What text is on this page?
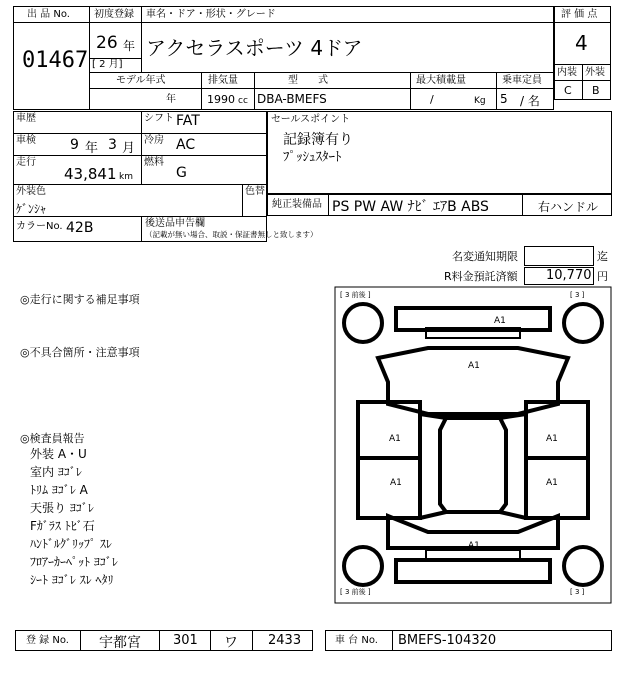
出 品 No.
01467
初度登録
26 年
[ 2 月]
車名・ドア・形状・グレード
アクセラスポーツ 4ドア
モデル年式
年
排気量
1990 cc
型　　式
DBA-BMEFS
最大積載量
/	Kg
乗車定員
5 / 名
評 価 点
4
内装 外装
C B
車歴	シフト FAT
車検 9 年 3 月
冷房 AC
走行
43,841 km
燃料
G
外装色
ｹﾞﾝｼｬ
色替
カラーNo. 42B	後送品申告欄
（記載が無い場合、取説・保証書無しと致します）
セールスポイント
記録簿有り
ﾌﾟｯｼｭｽﾀｰﾄ
純正装備品 PS PW AW ﾅﾋﾞ ｴｱB ABS	右ハンドル
名変通知期限	迄
R料金預託済額 10,770 円
◎走行に関する補足事項
◎不具合箇所・注意事項
◎検査員報告
外装 A・U
室内 ﾖｺﾞﾚ
ﾄﾘﾑ ﾖｺﾞﾚ A
天張り ﾖｺﾞﾚ
Fｶﾞﾗｽ ﾄﾋﾞ石
ﾊﾝﾄﾞﾙｸﾞﾘｯﾌﾟ ｽﾚ
ﾌﾛｱｰｶｰﾍﾟｯﾄ ﾖｺﾞﾚ
ｼｰﾄ ﾖｺﾞﾚ ｽﾚ ﾍﾀﾘ
[ 3 前後 ]	[ 3 ]
[ 3 前後 ]	[ 3 ]
A1
A1
A1	A1
A1	A1
A1
登 録 No. 宇都宮 301 ワ 2433	車 台 No. BMEFS-104320
